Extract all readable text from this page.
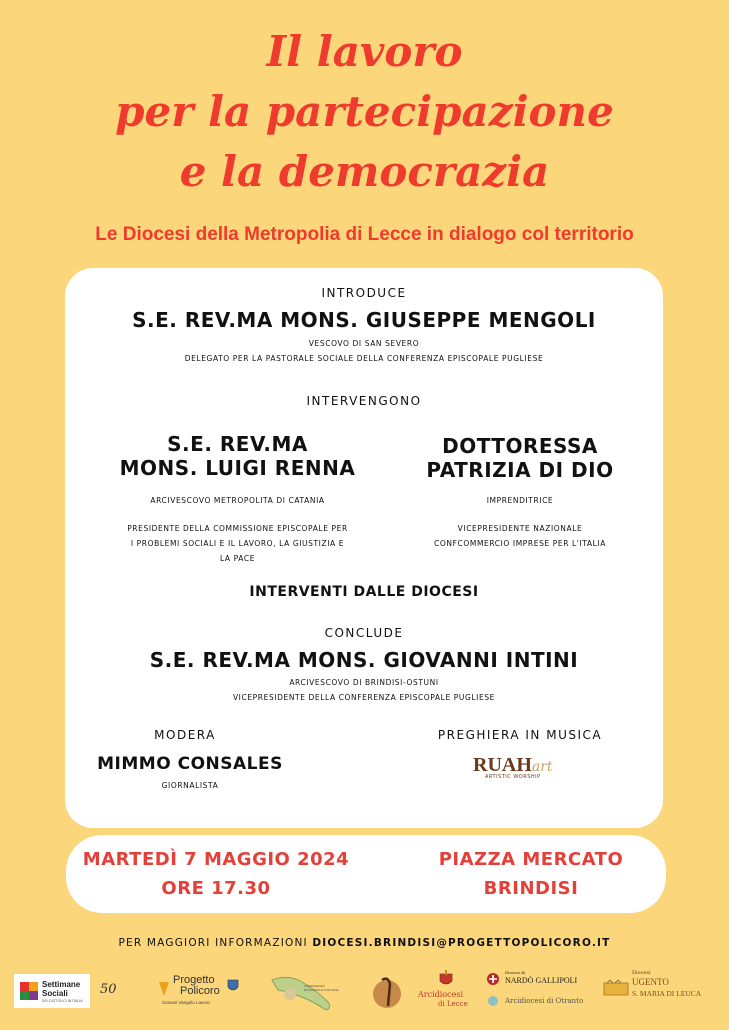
Il lavoro
per la partecipazione
e la democrazia
Le Diocesi della Metropolia di Lecce in dialogo col territorio
INTRODUCE
S.E. REV.MA MONS. GIUSEPPE MENGOLI
VESCOVO DI SAN SEVERO
DELEGATO PER LA PASTORALE SOCIALE DELLA CONFERENZA EPISCOPALE PUGLIESE
INTERVENGONO
S.E. REV.MA
MONS. LUIGI RENNA
ARCIVESCOVO METROPOLITA DI CATANIA
PRESIDENTE DELLA COMMISSIONE EPISCOPALE PER
I PROBLEMI SOCIALI E IL LAVORO, LA GIUSTIZIA E
LA PACE
DOTTORESSA
PATRIZIA DI DIO
IMPRENDITRICE
VICEPRESIDENTE NAZIONALE
CONFCOMMERCIO IMPRESE PER L'ITALIA
INTERVENTI DALLE DIOCESI
CONCLUDE
S.E. REV.MA MONS. GIOVANNI INTINI
ARCIVESCOVO DI BRINDISI-OSTUNI
VICEPRESIDENTE DELLA CONFERENZA EPISCOPALE PUGLIESE
MODERA
MIMMO CONSALES
GIORNALISTA
PREGHIERA IN MUSICA
RUAHart
ARTISTIC WORSHIP
MARTEDÌ 7 MAGGIO 2024
ORE 17.30
PIAZZA MERCATO
BRINDISI
PER MAGGIORI INFORMAZIONI DIOCESI.BRINDISI@PROGETTOPOLICORO.IT
Settimane
Sociali
DEI CATTOLICI IN ITALIA
50
Progetto
Policoro
Giovani Vangelo Lavoro
CONFERENZA EPISCOPALE PUGLIESE	Arcidiocesi
di Lecce
Diocesi di
NARDÒ GALLIPOLI
Arcidiocesi di Otranto
Diocesi
UGENTO
S. MARIA DI LEUCA
